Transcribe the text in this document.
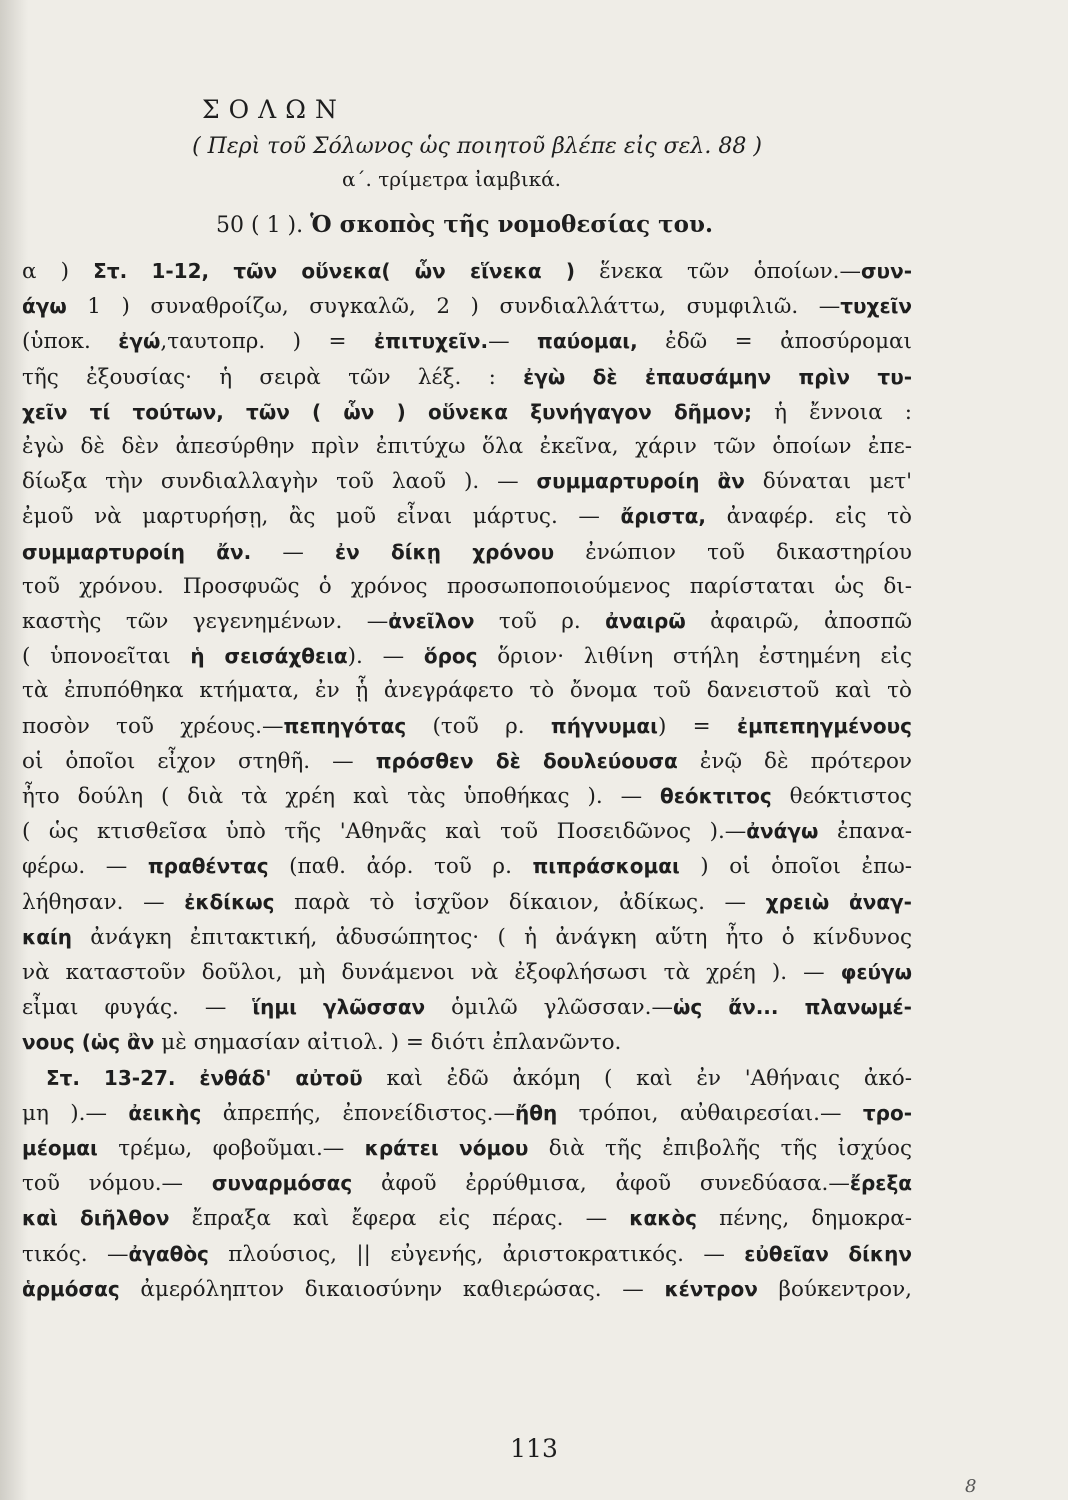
ΣΟΛΩΝ
( Περὶ τοῦ Σόλωνος ὡς ποιητοῦ βλέπε εἰς σελ. 88 )
α΄. τρίμετρα ἰαμβικά.
50 ( 1 ). Ὁ σκοπὸς τῆς νομοθεσίας του.
α ) Στ. 1-12, τῶν οὕνεκα( ὧν εἵνεκα ) ἕνεκα τῶν ὁποίων.—συν-
άγω 1 ) συναθροίζω, συγκαλῶ, 2 ) συνδιαλλάττω, συμφιλιῶ. —τυχεῖν
(ὑποκ. ἐγώ,ταυτοπρ. ) = ἐπιτυχεῖν.— παύομαι, ἐδῶ = ἀποσύρομαι
τῆς ἐξουσίας· ἡ σειρὰ τῶν λέξ. : ἐγὼ δὲ ἐπαυσάμην πρὶν τυ-
χεῖν τί τούτων, τῶν ( ὧν ) οὕνεκα ξυνήγαγον δῆμον; ἡ ἔννοια :
ἐγὼ δὲ δὲν ἀπεσύρθην πρὶν ἐπιτύχω ὅλα ἐκεῖνα, χάριν τῶν ὁποίων ἐπε-
δίωξα τὴν συνδιαλλαγὴν τοῦ λαοῦ ). — συμμαρτυροίη ἂν δύναται μετ'
ἐμοῦ νὰ μαρτυρήσῃ, ἂς μοῦ εἶναι μάρτυς. — ἄριστα, ἀναφέρ. εἰς τὸ
συμμαρτυροίη ἄν. — ἐν δίκῃ χρόνου ἐνώπιον τοῦ δικαστηρίου
τοῦ χρόνου. Προσφυῶς ὁ χρόνος προσωποποιούμενος παρίσταται ὡς δι-
καστὴς τῶν γεγενημένων. —ἀνεῖλον τοῦ ρ. ἀναιρῶ ἀφαιρῶ, ἀποσπῶ
( ὑπονοεῖται ἡ σεισάχθεια). — ὅρος ὅριον· λιθίνη στήλη ἐστημένη εἰς
τὰ ἐπυπόθηκα κτήματα, ἐν ᾗ ἀνεγράφετο τὸ ὄνομα τοῦ δανειστοῦ καὶ τὸ
ποσὸν τοῦ χρέους.—πεπηγότας (τοῦ ρ. πήγνυμαι) = ἐμπεπηγμένους
οἱ ὁποῖοι εἶχον στηθῆ. — πρόσθεν δὲ δουλεύουσα ἐνῷ δὲ πρότερον
ἦτο δούλη ( διὰ τὰ χρέη καὶ τὰς ὑποθήκας ). — θεόκτιτος θεόκτιστος
( ὡς κτισθεῖσα ὑπὸ τῆς 'Αθηνᾶς καὶ τοῦ Ποσειδῶνος ).—ἀνάγω ἐπανα-
φέρω. — πραθέντας (παθ. ἀόρ. τοῦ ρ. πιπράσκομαι ) οἱ ὁποῖοι ἐπω-
λήθησαν. — ἐκδίκως παρὰ τὸ ἰσχῦον δίκαιον, ἀδίκως. — χρειὼ ἀναγ-
καίη ἀνάγκη ἐπιτακτική, ἀδυσώπητος· ( ἡ ἀνάγκη αὕτη ἦτο ὁ κίνδυνος
νὰ καταστοῦν δοῦλοι, μὴ δυνάμενοι νὰ ἐξοφλήσωσι τὰ χρέη ). — φεύγω
εἶμαι φυγάς. — ἵημι γλῶσσαν ὁμιλῶ γλῶσσαν.—ὡς ἄν... πλανωμέ-
νους (ὡς ἂν μὲ σημασίαν αἰτιολ. ) = διότι ἐπλανῶντο.
Στ. 13-27. ἐνθάδ' αὐτοῦ καὶ ἐδῶ ἀκόμη ( καὶ ἐν 'Αθήναις ἀκό-
μη ).— ἀεικὴς ἀπρεπής, ἐπονείδιστος.—ἤθη τρόποι, αὐθαιρεσίαι.— τρο-
μέομαι τρέμω, φοβοῦμαι.— κράτει νόμου διὰ τῆς ἐπιβολῆς τῆς ἰσχύος
τοῦ νόμου.— συναρμόσας ἀφοῦ ἐρρύθμισα, ἀφοῦ συνεδύασα.—ἔρεξα
καὶ διῆλθον ἔπραξα καὶ ἔφερα εἰς πέρας. — κακὸς πένης, δημοκρα-
τικός. —ἀγαθὸς πλούσιος, || εὐγενής, ἀριστοκρατικός. — εὐθεῖαν δίκην
ἁρμόσας ἀμερόληπτον δικαιοσύνην καθιερώσας. — κέντρον βούκεντρον,
113
8
